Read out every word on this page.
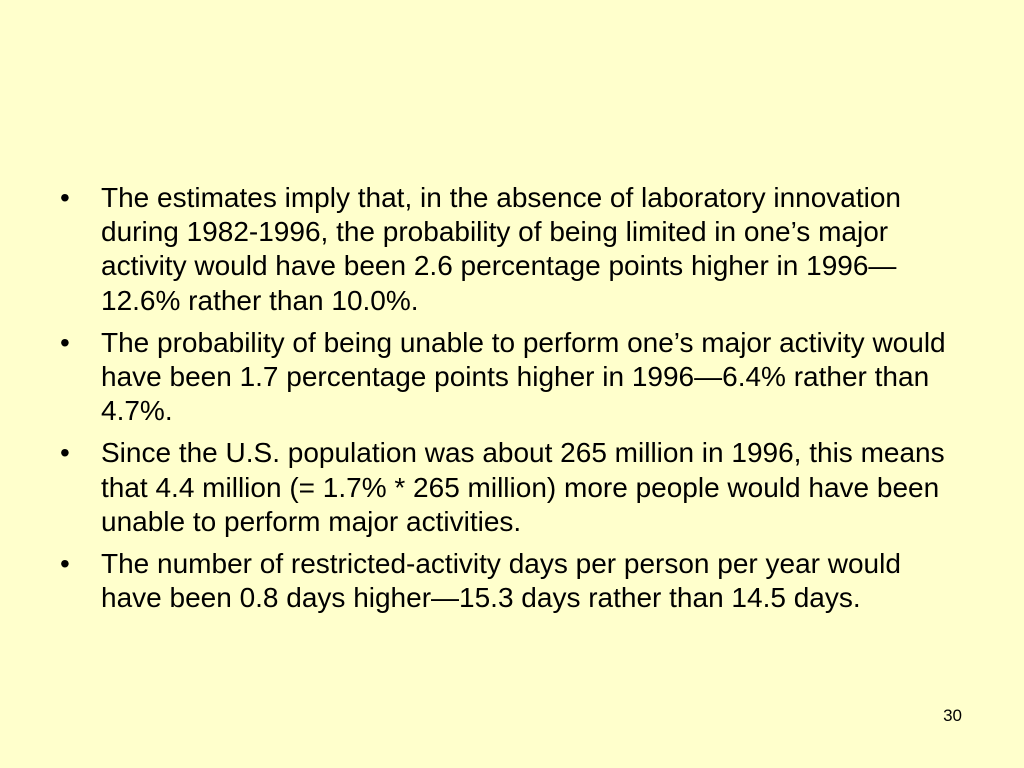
• The estimates imply that, in the absence of laboratory innovation during 1982-1996, the probability of being limited in one’s major activity would have been 2.6 percentage points higher in 1996—12.6% rather than 10.0%.
• The probability of being unable to perform one’s major activity would have been 1.7 percentage points higher in 1996—6.4% rather than 4.7%.
• Since the U.S. population was about 265 million in 1996, this means that 4.4 million (= 1.7% * 265 million) more people would have been unable to perform major activities.
• The number of restricted-activity days per person per year would have been 0.8 days higher—15.3 days rather than 14.5 days.
30
